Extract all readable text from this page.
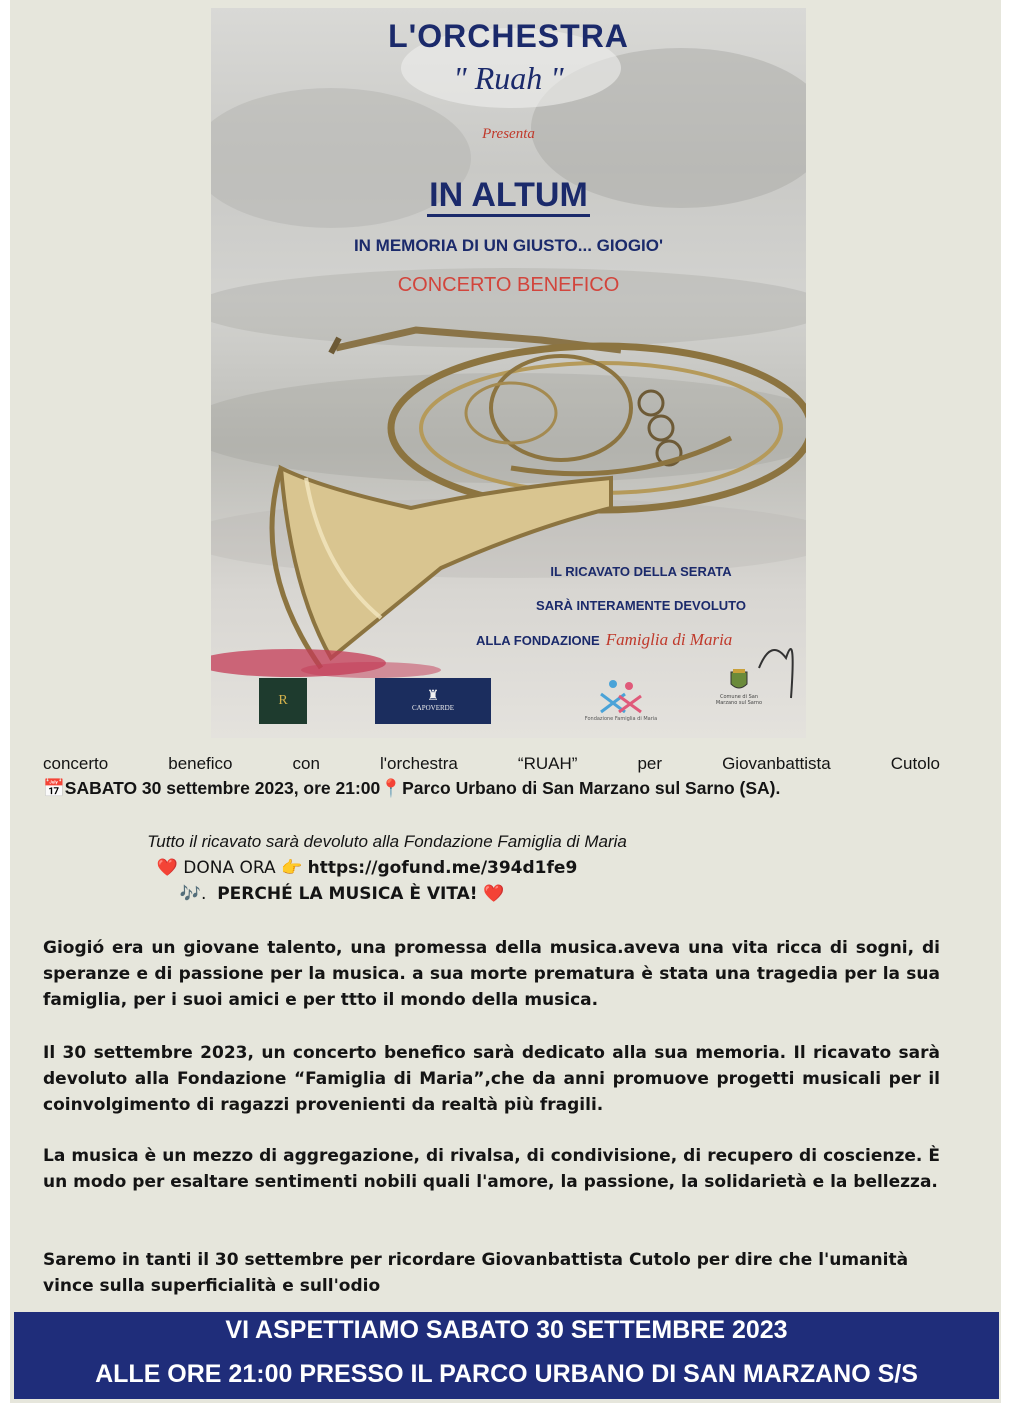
L'ORCHESTRA
" Ruah "
Presenta
IN ALTUM
IN MEMORIA DI UN GIUSTO... GIOGIO'
CONCERTO BENEFICO
IL RICAVATO DELLA SERATA
SARÀ INTERAMENTE DEVOLUTO
ALLA FONDAZIONE Famiglia di Maria
R	♜
CAPOVERDE
Fondazione Famiglia di Maria
Comune di San Marzano sul Sarno
concerto	benefico	con	l'orchestra	“RUAH”	per	Giovanbattista	Cutolo
📅SABATO 30 settembre 2023, ore 21:00📍Parco Urbano di San Marzano sul Sarno (SA).
Tutto il ricavato sarà devoluto alla Fondazione Famiglia di Maria
❤️ DONA ORA 👉 https://gofund.me/394d1fe9
🎶.  PERCHÉ LA MUSICA È VITA! ❤️
Giogió era un giovane talento, una promessa della musica.aveva una vita ricca di sogni, di speranze e di passione per la musica. a sua morte prematura è stata una tragedia per la sua famiglia, per i suoi amici e per ttto il mondo della musica.
Il 30 settembre 2023, un concerto benefico sarà dedicato alla sua memoria. Il ricavato sarà devoluto alla Fondazione “Famiglia di Maria”,che da anni promuove progetti musicali per il coinvolgimento di ragazzi provenienti da realtà più fragili.
La musica è un mezzo di aggregazione, di rivalsa, di condivisione, di recupero di coscienze. È un modo per esaltare sentimenti nobili quali l'amore, la passione, la solidarietà e la bellezza.
Saremo in tanti il 30 settembre per ricordare Giovanbattista Cutolo per dire che l'umanità vince sulla superficialità e sull'odio
VI ASPETTIAMO SABATO 30 SETTEMBRE 2023
ALLE ORE 21:00 PRESSO IL PARCO URBANO DI SAN MARZANO S/S
